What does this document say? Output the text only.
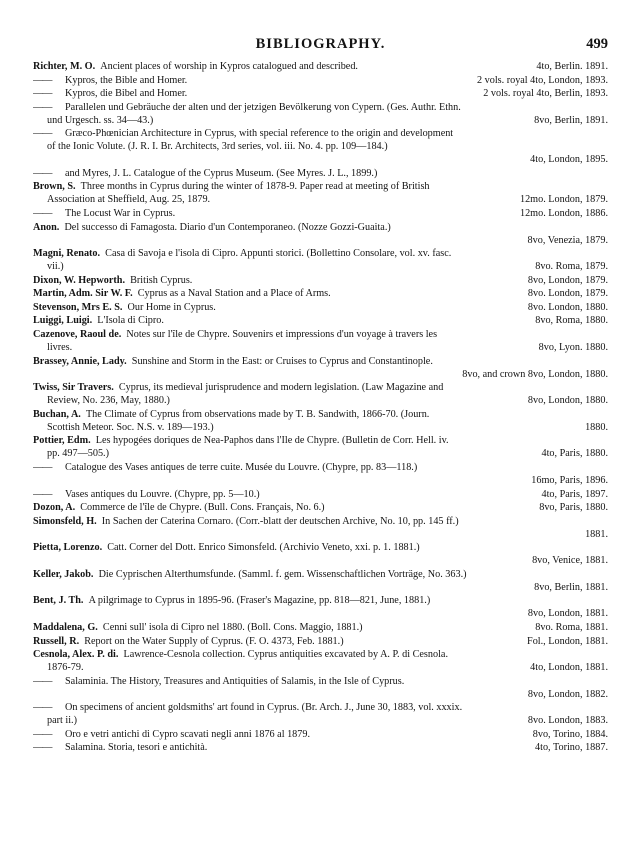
BIBLIOGRAPHY.	499
Richter, M. O.  Ancient places of worship in Kypros catalogued and described.	4to, Berlin. 1891.
——Kypros, the Bible and Homer.	2 vols. royal 4to, London, 1893.
——Kypros, die Bibel and Homer.	2 vols. royal 4to, Berlin, 1893.
——Parallelen und Gebräuche der alten und der jetzigen Bevölkerung von Cypern. (Ges. Authr. Ethn.
und Urgesch. ss. 34—43.)	8vo, Berlin, 1891.
——Græco-Phœnician Architecture in Cyprus, with special reference to the origin and development
of the Ionic Volute. (J. R. I. Br. Architects, 3rd series, vol. iii. No. 4. pp. 109—184.)
4to, London, 1895.
——and Myres, J. L. Catalogue of the Cyprus Museum. (See Myres. J. L., 1899.)
Brown, S.  Three months in Cyprus during the winter of 1878-9. Paper read at meeting of British
Association at Sheffield, Aug. 25, 1879.	12mo. London, 1879.
——The Locust War in Cyprus.	12mo. London, 1886.
Anon.  Del successo di Famagosta. Diario d'un Contemporaneo. (Nozze Gozzi-Guaita.)
8vo, Venezia, 1879.
Magni, Renato.  Casa di Savoja e l'isola di Cipro. Appunti storici. (Bollettino Consolare, vol. xv. fasc.
vii.)	8vo. Roma, 1879.
Dixon, W. Hepworth.  British Cyprus.	8vo, London, 1879.
Martin, Adm. Sir W. F.  Cyprus as a Naval Station and a Place of Arms.	8vo. London, 1879.
Stevenson, Mrs E. S.  Our Home in Cyprus.	8vo. London, 1880.
Luiggi, Luigi.  L'Isola di Cipro.	8vo, Roma, 1880.
Cazenove, Raoul de.  Notes sur l'île de Chypre. Souvenirs et impressions d'un voyage à travers les
livres.	8vo, Lyon. 1880.
Brassey, Annie, Lady.  Sunshine and Storm in the East: or Cruises to Cyprus and Constantinople.
8vo, and crown 8vo, London, 1880.
Twiss, Sir Travers.  Cyprus, its medieval jurisprudence and modern legislation. (Law Magazine and
Review, No. 236, May, 1880.)	8vo, London, 1880.
Buchan, A.  The Climate of Cyprus from observations made by T. B. Sandwith, 1866-70. (Journ.
Scottish Meteor. Soc. N.S. v. 189—193.)	1880.
Pottier, Edm.  Les hypogées doriques de Nea-Paphos dans l'Ile de Chypre. (Bulletin de Corr. Hell. iv.
pp. 497—505.)	4to, Paris, 1880.
——Catalogue des Vases antiques de terre cuite. Musée du Louvre. (Chypre, pp. 83—118.)
16mo, Paris, 1896.
——Vases antiques du Louvre. (Chypre, pp. 5—10.)	4to, Paris, 1897.
Dozon, A.  Commerce de l'île de Chypre. (Bull. Cons. Français, No. 6.)	8vo, Paris, 1880.
Simonsfeld, H.  In Sachen der Caterina Cornaro. (Corr.-blatt der deutschen Archive, No. 10, pp. 145 ff.)
1881.
Pietta, Lorenzo.  Catt. Corner del Dott. Enrico Simonsfeld. (Archivio Veneto, xxi. p. 1. 1881.)
8vo, Venice, 1881.
Keller, Jakob.  Die Cyprischen Alterthumsfunde. (Samml. f. gem. Wissenschaftlichen Vorträge, No. 363.)
8vo, Berlin, 1881.
Bent, J. Th.  A pilgrimage to Cyprus in 1895-96. (Fraser's Magazine, pp. 818—821, June, 1881.)
8vo, London, 1881.
Maddalena, G.  Cenni sull' isola di Cipro nel 1880. (Boll. Cons. Maggio, 1881.)	8vo. Roma, 1881.
Russell, R.  Report on the Water Supply of Cyprus. (F. O. 4373, Feb. 1881.)	Fol., London, 1881.
Cesnola, Alex. P. di.  Lawrence-Cesnola collection. Cyprus antiquities excavated by A. P. di Cesnola.
1876-79.	4to, London, 1881.
——Salaminia. The History, Treasures and Antiquities of Salamis, in the Isle of Cyprus.
8vo, London, 1882.
——On specimens of ancient goldsmiths' art found in Cyprus. (Br. Arch. J., June 30, 1883, vol. xxxix.
part ii.)	8vo. London, 1883.
——Oro e vetri antichi di Cypro scavati negli anni 1876 al 1879.	8vo, Torino, 1884.
——Salamina. Storia, tesori e antichità.	4to, Torino, 1887.
